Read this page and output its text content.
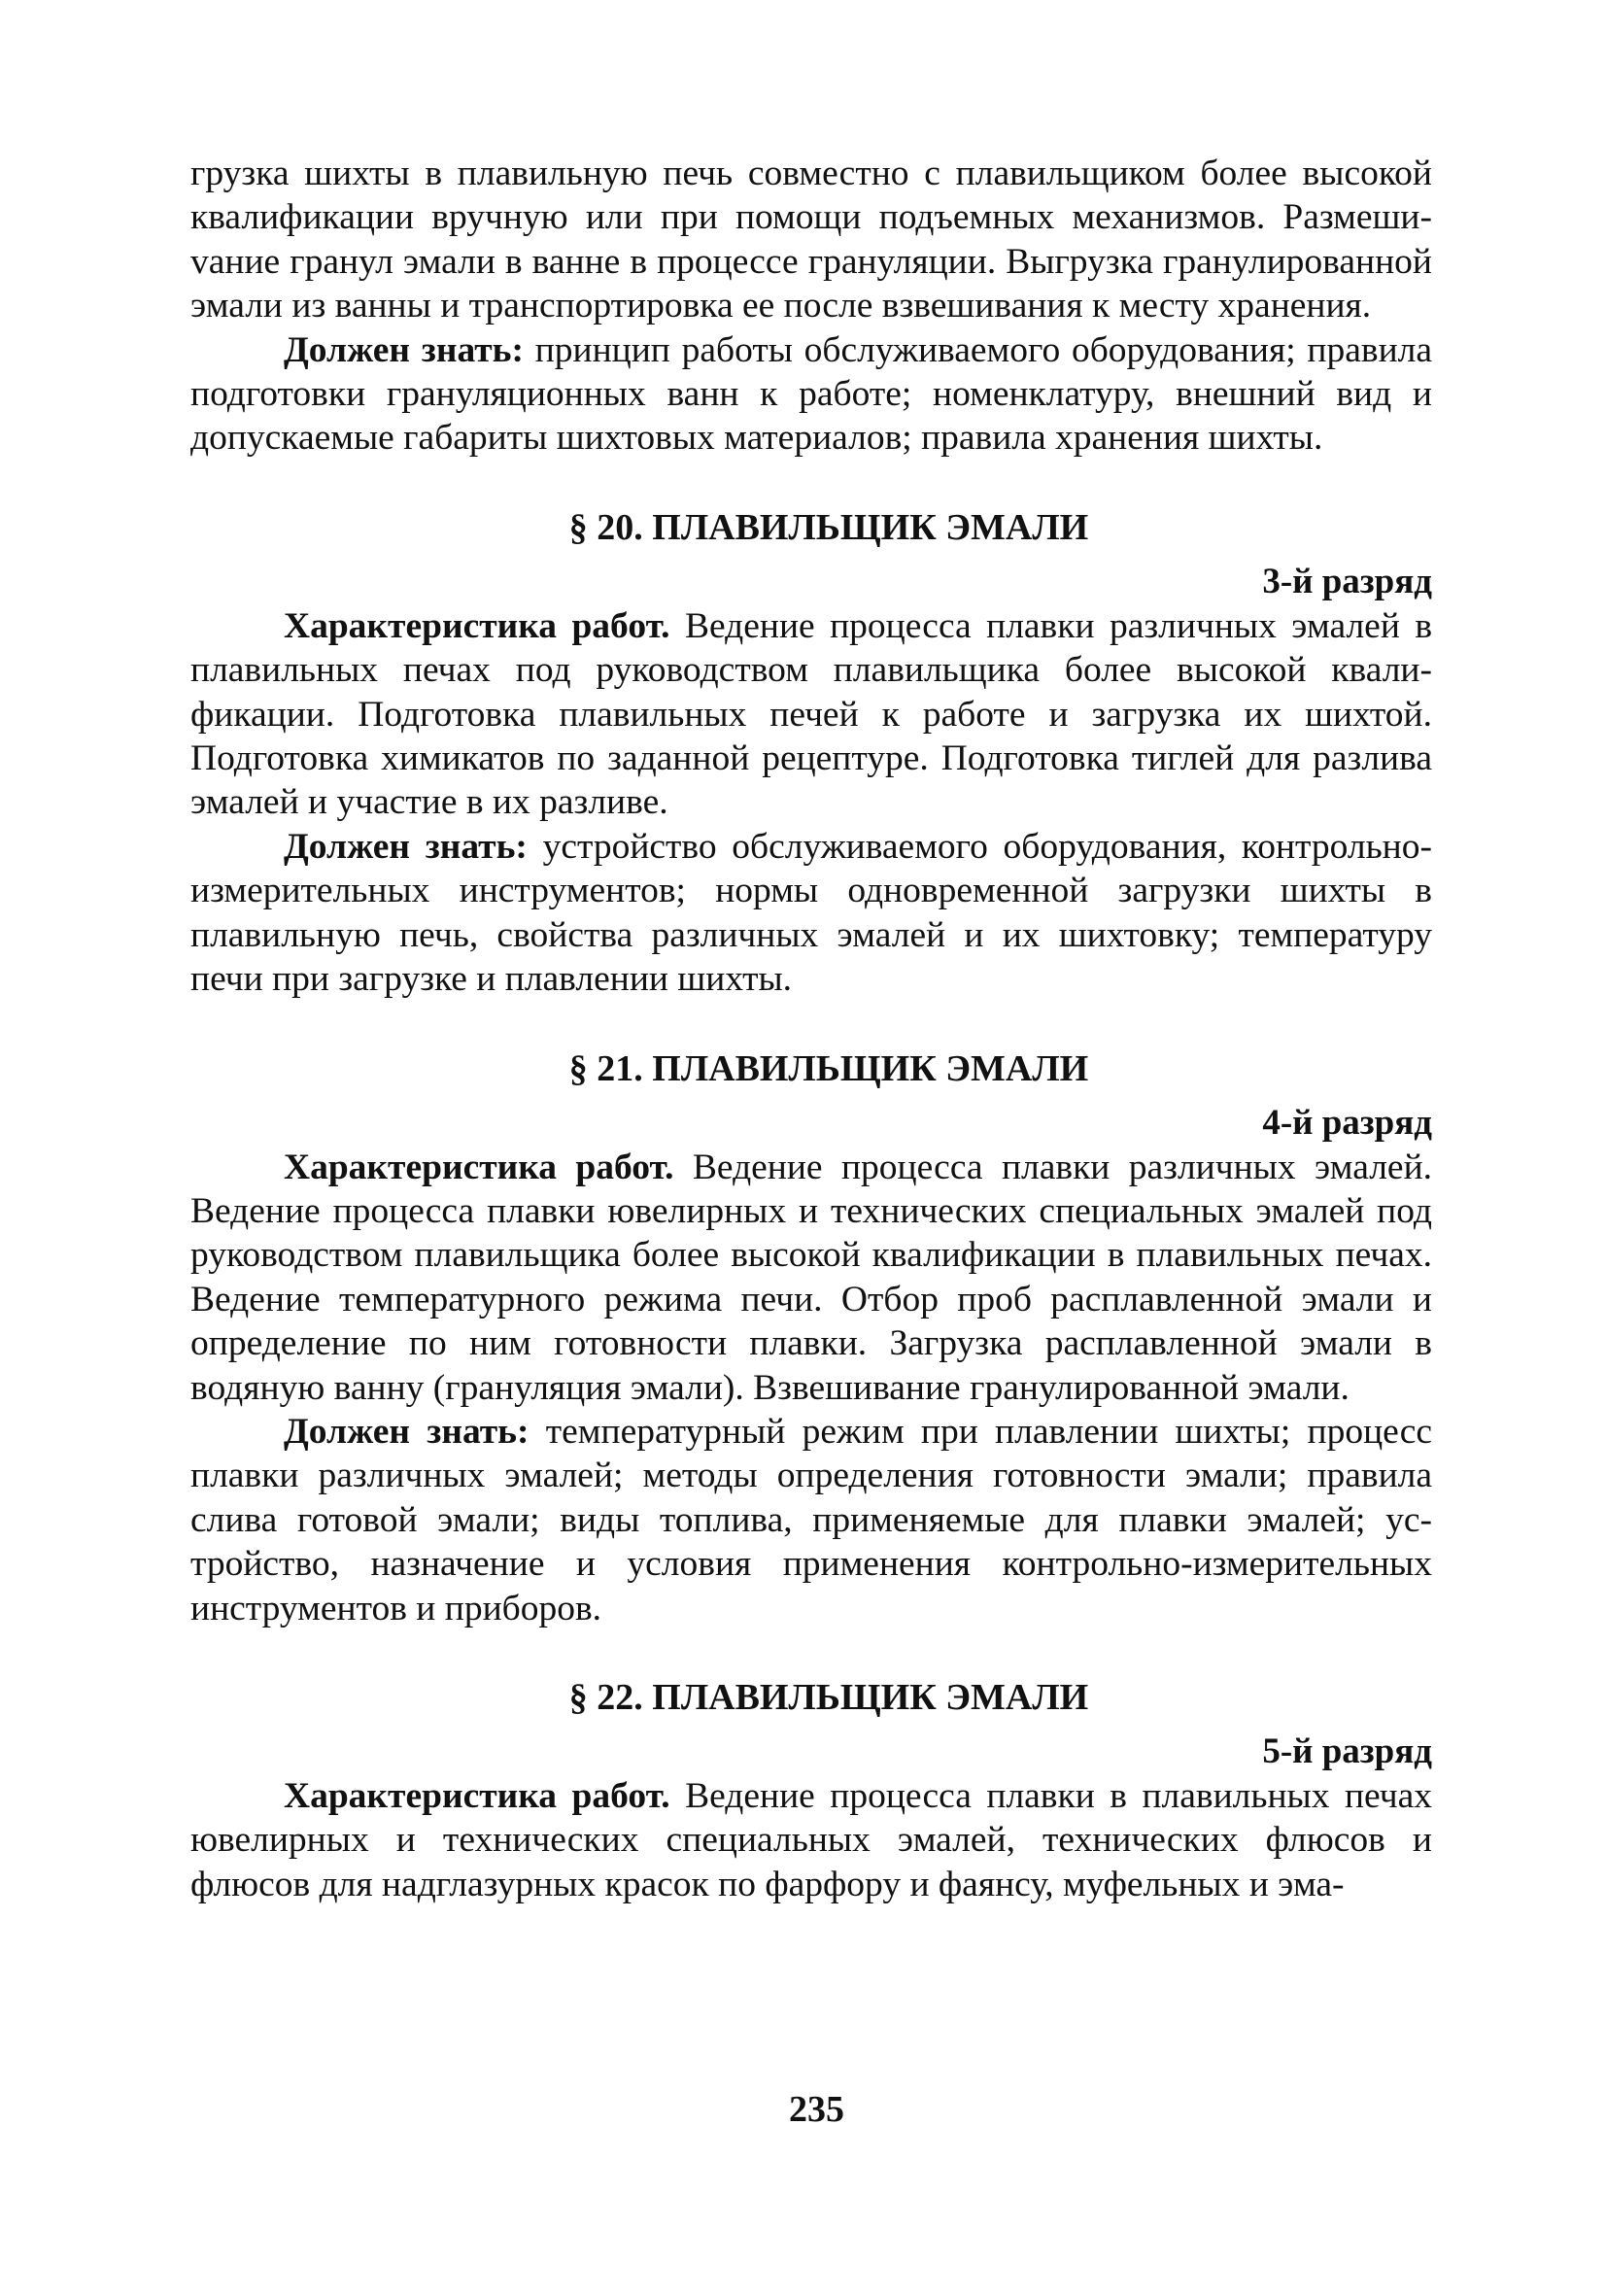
грузка шихты в плавильную печь совместно с плавильщиком более высокой квалификации вручную или при помощи подъемных механизмов. Размешиvание гранул эмали в ванне в процессе грануляции. Выгрузка гранулированной эмали из ванны и транспортировка ее после взвешивания к месту хранения.

Должен знать: принцип работы обслуживаемого оборудования; правила подготовки грануляционных ванн к работе; номенклатуру, внешний вид и допускаемые габариты шихтовых материалов; правила хранения шихты.

§ 20. ПЛАВИЛЬЩИК ЭМАЛИ
3-й разряд

Характеристика работ. Ведение процесса плавки различных эмалей в плавильных печах под руководством плавильщика более высокой квалификации. Подготовка плавильных печей к работе и загрузка их шихтой. Подготовка химикатов по заданной рецептуре. Подготовка тиглей для разлива эмалей и участие в их разливе.

Должен знать: устройство обслуживаемого оборудования, контрольно-измерительных инструментов; нормы одновременной загрузки шихты в плавильную печь, свойства различных эмалей и их шихтовку; температуру печи при загрузке и плавлении шихты.

§ 21. ПЛАВИЛЬЩИК ЭМАЛИ
4-й разряд

Характеристика работ. Ведение процесса плавки различных эмалей. Ведение процесса плавки ювелирных и технических специальных эмалей под руководством плавильщика более высокой квалификации в плавильных печах. Ведение температурного режима печи. Отбор проб расплавленной эмали и определение по ним готовности плавки. Загрузка расплавленной эмали в водяную ванну (грануляция эмали). Взвешивание гранулированной эмали.

Должен знать: температурный режим при плавлении шихты; процесс плавки различных эмалей; методы определения готовности эмали; правила слива готовой эмали; виды топлива, применяемые для плавки эмалей; устройство, назначение и условия применения контрольно-измерительных инструментов и приборов.

§ 22. ПЛАВИЛЬЩИК ЭМАЛИ
5-й разряд

Характеристика работ. Ведение процесса плавки в плавильных печах ювелирных и технических специальных эмалей, технических флюсов и флюсов для надглазурных красок по фарфору и фаянсу, муфельных и эма-

235
